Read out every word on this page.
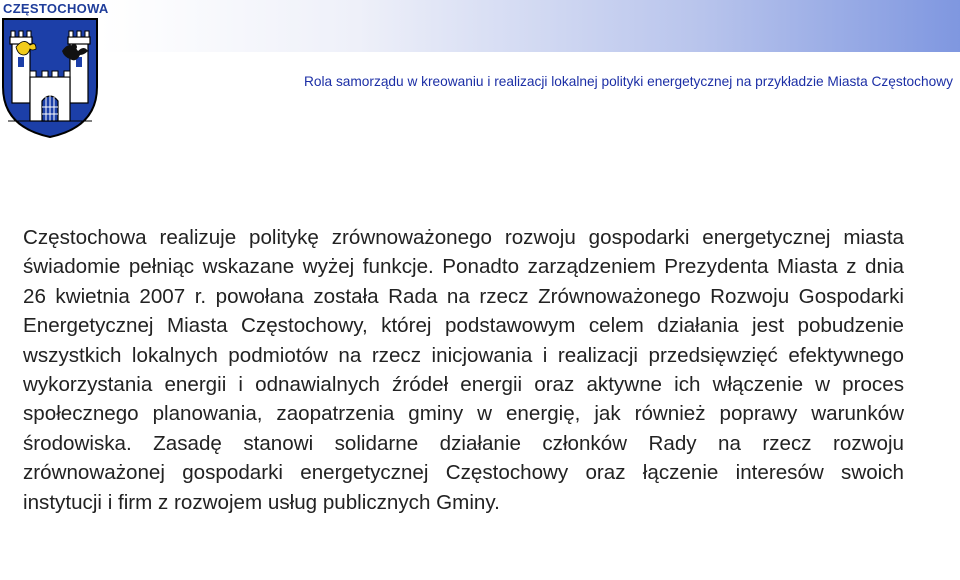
CZĘSTOCHOWA
Rola samorządu w kreowaniu i realizacji lokalnej polityki energetycznej na przykładzie Miasta Częstochowy
Częstochowa realizuje politykę zrównoważonego rozwoju gospodarki energetycznej miasta świadomie pełniąc wskazane wyżej funkcje. Ponadto zarządzeniem Prezydenta Miasta z dnia 26 kwietnia 2007 r. powołana została Rada na rzecz Zrównoważonego Rozwoju Gospodarki Energetycznej Miasta Częstochowy, której podstawowym celem działania jest pobudzenie wszystkich lokalnych podmiotów na rzecz inicjowania i realizacji przedsięwzięć efektywnego wykorzystania energii i odnawialnych źródeł energii oraz aktywne ich włączenie w proces społecznego planowania, zaopatrzenia gminy w energię, jak również poprawy warunków środowiska. Zasadę stanowi solidarne działanie członków Rady na rzecz rozwoju zrównoważonej gospodarki energetycznej Częstochowy oraz łączenie interesów swoich instytucji i firm z rozwojem usług publicznych Gminy.
